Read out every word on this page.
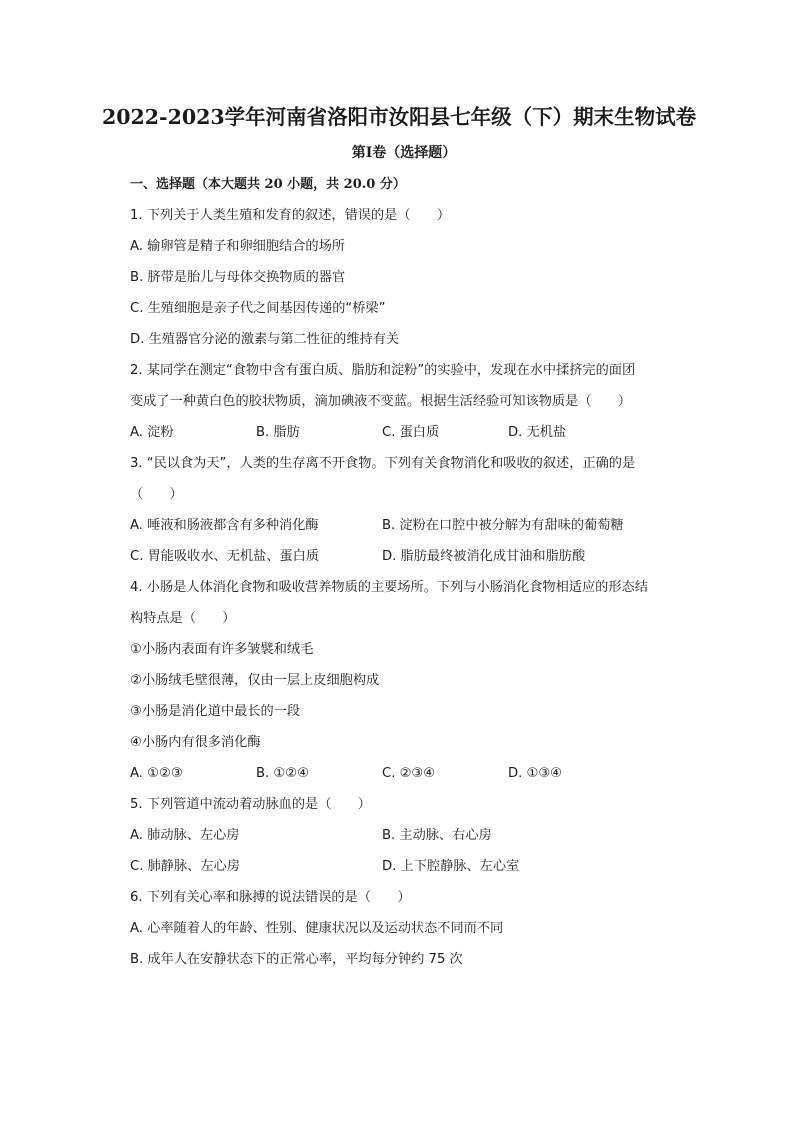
2022-2023学年河南省洛阳市汝阳县七年级（下）期末生物试卷
第I卷（选择题）
一、选择题（本大题共 20 小题，共 20.0 分）
1. 下列关于人类生殖和发育的叙述，错误的是（　　）
A. 输卵管是精子和卵细胞结合的场所
B. 脐带是胎儿与母体交换物质的器官
C. 生殖细胞是亲子代之间基因传递的“桥梁”
D. 生殖器官分泌的激素与第二性征的维持有关
2. 某同学在测定“食物中含有蛋白质、脂肪和淀粉”的实验中，发现在水中揉挤完的面团
变成了一种黄白色的胶状物质，滴加碘液不变蓝。根据生活经验可知该物质是（　　）
A. 淀粉	B. 脂肪	C. 蛋白质	D. 无机盐
3. “民以食为天”，人类的生存离不开食物。下列有关食物消化和吸收的叙述，正确的是
（　　）
A. 唾液和肠液都含有多种消化酶	B. 淀粉在口腔中被分解为有甜味的葡萄糖
C. 胃能吸收水、无机盐、蛋白质	D. 脂肪最终被消化成甘油和脂肪酸
4. 小肠是人体消化食物和吸收营养物质的主要场所。下列与小肠消化食物相适应的形态结
构特点是（　　）
①小肠内表面有许多皱襞和绒毛
②小肠绒毛壁很薄，仅由一层上皮细胞构成
③小肠是消化道中最长的一段
④小肠内有很多消化酶
A. ①②③	B. ①②④	C. ②③④	D. ①③④
5. 下列管道中流动着动脉血的是（　　）
A. 肺动脉、左心房	B. 主动脉、右心房
C. 肺静脉、左心房	D. 上下腔静脉、左心室
6. 下列有关心率和脉搏的说法错误的是（　　）
A. 心率随着人的年龄、性别、健康状况以及运动状态不同而不同
B. 成年人在安静状态下的正常心率，平均每分钟约 75 次
